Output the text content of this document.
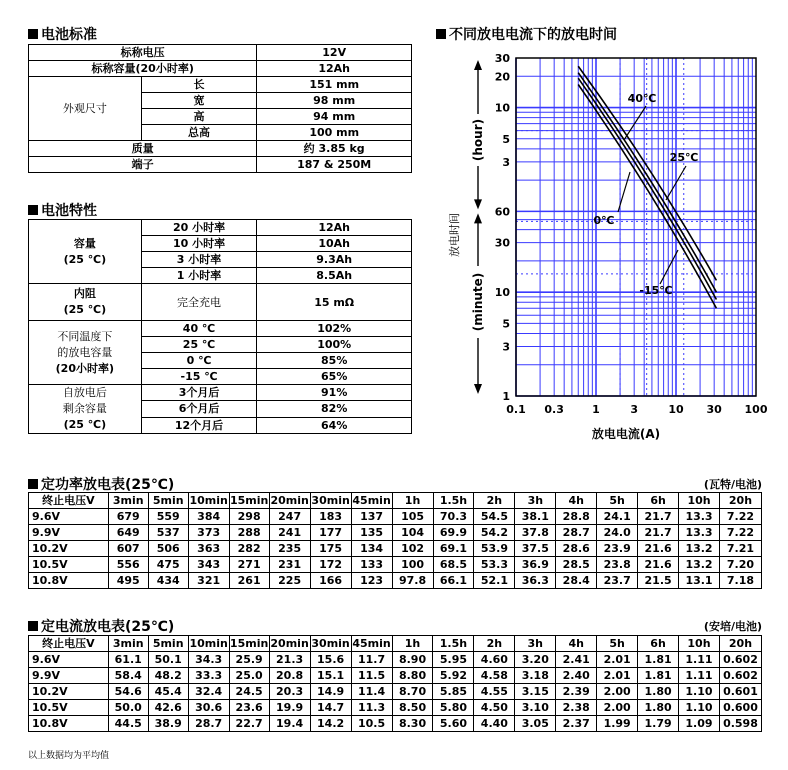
电池标准
标称电压		12V
标称容量(20小时率)		12Ah
外观尺寸	长	151 mm
	宽	98 mm
	高	94 mm
	总高	100 mm
质量		约 3.85 kg
端子		187 & 250M
电池特性
容量
(25 ℃)	20 小时率	12Ah
	10 小时率	10Ah
	3 小时率	9.3Ah
	1 小时率	8.5Ah
内阻
(25 ℃)	完全充电	15 mΩ
不同温度下
的放电容量
(20小时率)	40 ℃	102%
	25 ℃	100%
	0 ℃	85%
	-15 ℃	65%
自放电后
剩余容量
(25 ℃)	3个月后	91%
	6个月后	82%
	12个月后	64%
不同放电电流下的放电时间
1
3
5
10
30
60
3
5
10
20
30
0.1 0.3	1	3	10 30 100
放电电流(A)
放电时间
(hour)
(minute)
40℃
25℃
0℃
-15℃
定功率放电表(25℃)	(瓦特/电池)
终止电压V	3min	5min	10min	15min	20min	30min	45min	1h	1.5h	2h	3h	4h	5h	6h	10h	20h
9.6V	679	559	384	298	247	183	137	105	70.3	54.5	38.1	28.8	24.1	21.7	13.3	7.22
9.9V	649	537	373	288	241	177	135	104	69.9	54.2	37.8	28.7	24.0	21.7	13.3	7.22
10.2V	607	506	363	282	235	175	134	102	69.1	53.9	37.5	28.6	23.9	21.6	13.2	7.21
10.5V	556	475	343	271	231	172	133	100	68.5	53.3	36.9	28.5	23.8	21.6	13.2	7.20
10.8V	495	434	321	261	225	166	123	97.8	66.1	52.1	36.3	28.4	23.7	21.5	13.1	7.18
定电流放电表(25℃)	(安培/电池)
终止电压V	3min	5min	10min	15min	20min	30min	45min	1h	1.5h	2h	3h	4h	5h	6h	10h	20h
9.6V	61.1	50.1	34.3	25.9	21.3	15.6	11.7	8.90	5.95	4.60	3.20	2.41	2.01	1.81	1.11	0.602
9.9V	58.4	48.2	33.3	25.0	20.8	15.1	11.5	8.80	5.92	4.58	3.18	2.40	2.01	1.81	1.11	0.602
10.2V	54.6	45.4	32.4	24.5	20.3	14.9	11.4	8.70	5.85	4.55	3.15	2.39	2.00	1.80	1.10	0.601
10.5V	50.0	42.6	30.6	23.6	19.9	14.7	11.3	8.50	5.80	4.50	3.10	2.38	2.00	1.80	1.10	0.600
10.8V	44.5	38.9	28.7	22.7	19.4	14.2	10.5	8.30	5.60	4.40	3.05	2.37	1.99	1.79	1.09	0.598
以上数据均为平均值
